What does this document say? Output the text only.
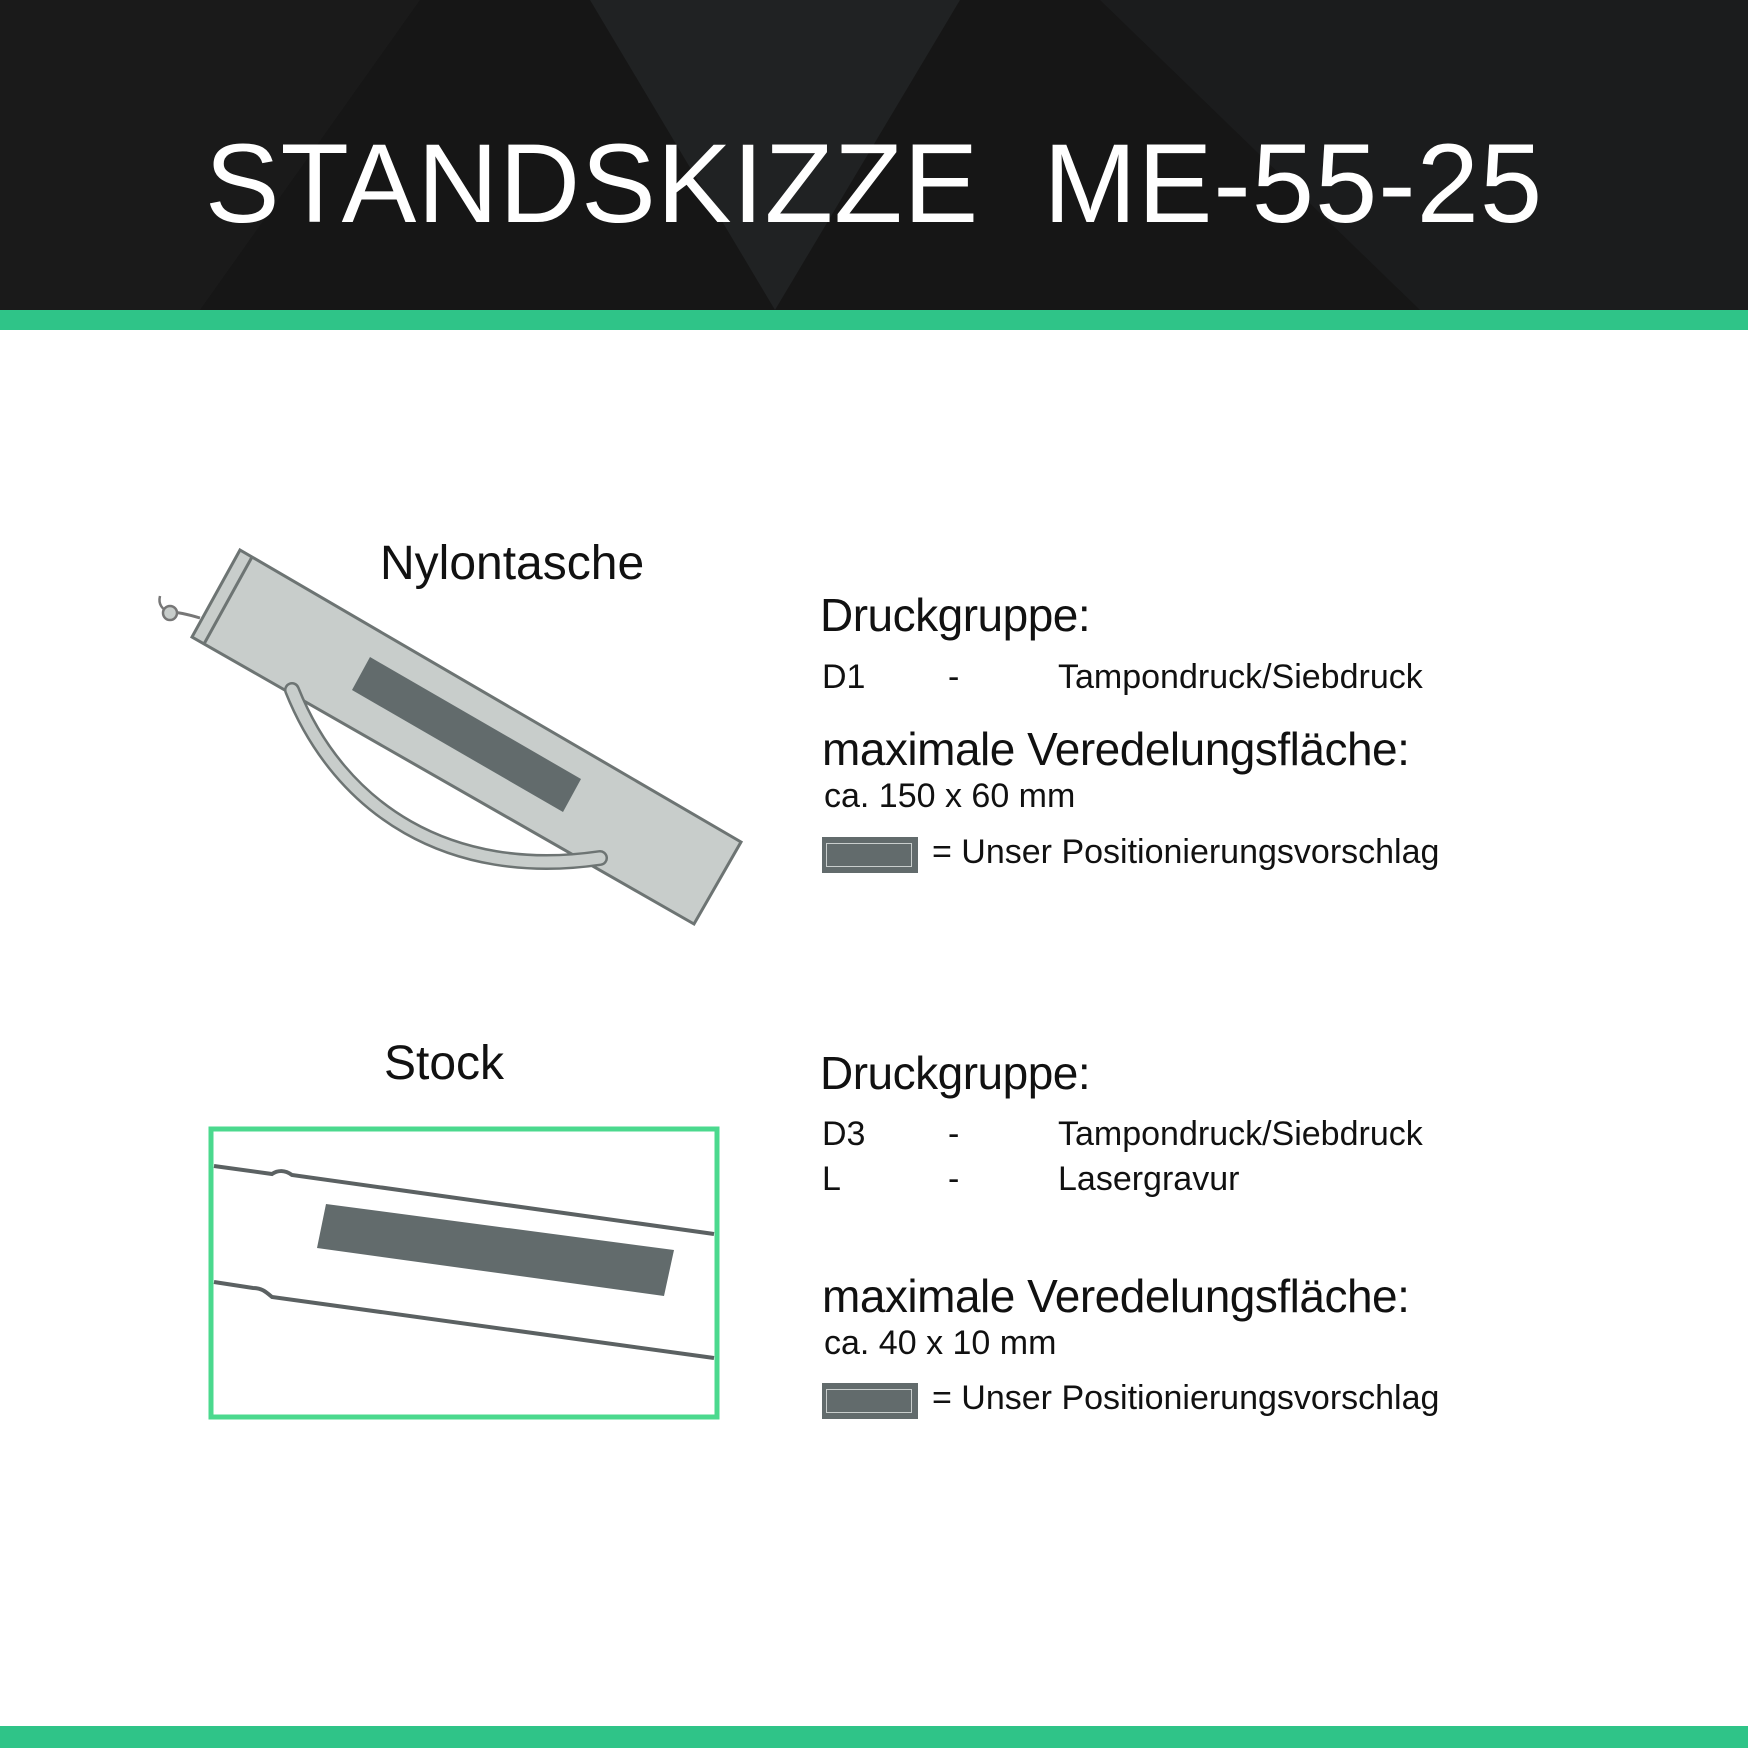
STANDSKIZZE  ME-55-25
Nylontasche
Druckgruppe:
D1 -	Tampondruck/Siebdruck
maximale Veredelungsfläche:
ca. 150 x 60 mm
= Unser Positionierungsvorschlag
Stock	Druckgruppe:
D3 -	Tampondruck/Siebdruck
L	-	Lasergravur
maximale Veredelungsfläche:
ca. 40 x 10 mm
= Unser Positionierungsvorschlag
